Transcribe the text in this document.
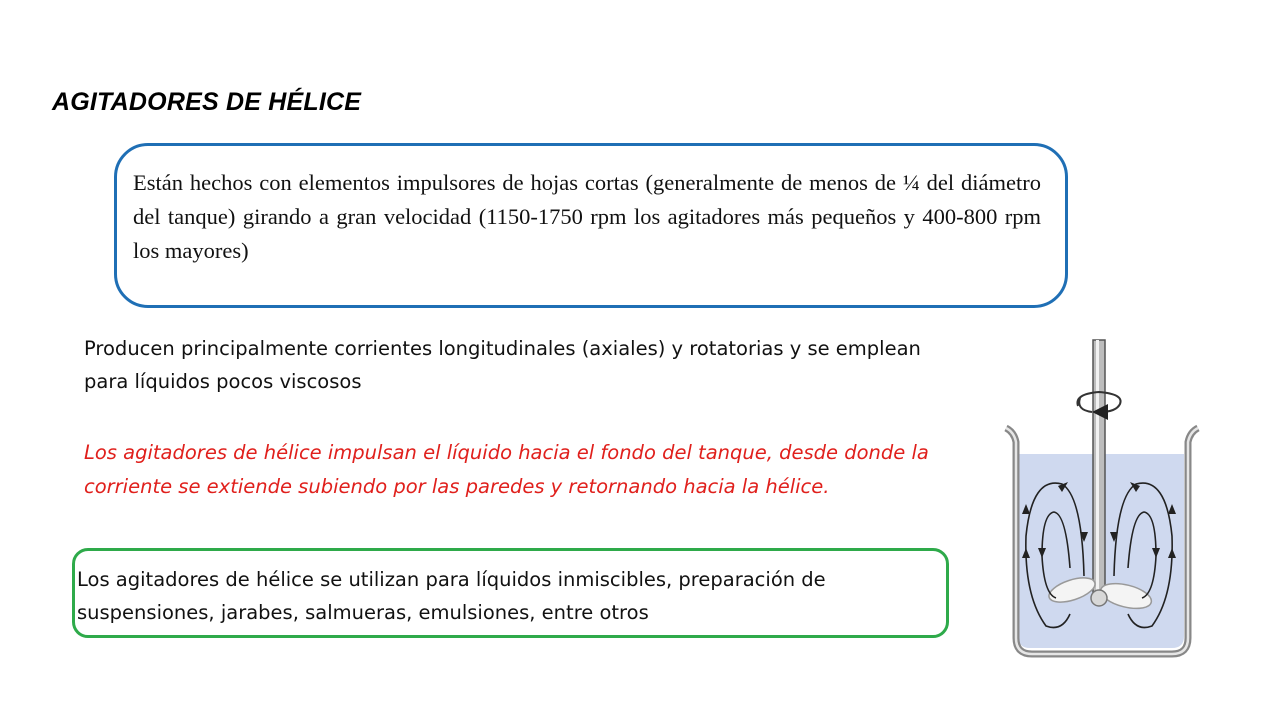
AGITADORES DE HÉLICE
Están hechos con elementos impulsores de hojas cortas (generalmente de menos de ¼ del diámetro del tanque) girando a gran velocidad (1150-1750 rpm los agitadores más pequeños y 400-800 rpm los mayores)
Producen principalmente corrientes longitudinales (axiales) y rotatorias y se emplean para líquidos pocos viscosos
Los agitadores de hélice impulsan el líquido hacia el fondo del tanque, desde donde la corriente se extiende subiendo por las paredes y retornando hacia la hélice.
Los agitadores de hélice se utilizan para líquidos inmiscibles, preparación de suspensiones, jarabes, salmueras, emulsiones, entre otros
